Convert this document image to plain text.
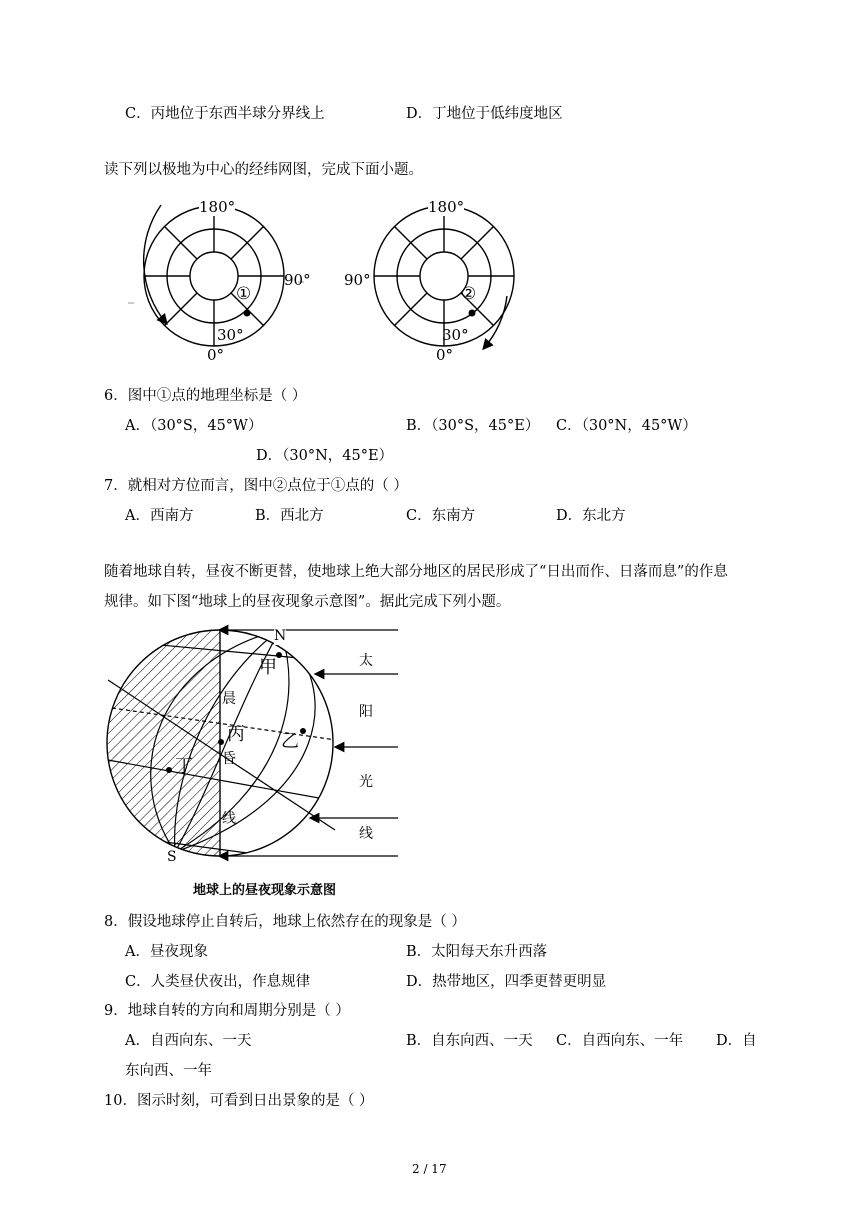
C．丙地位于东西半球分界线上	D．丁地位于低纬度地区
读下列以极地为中心的经纬网图，完成下面小题。
180°
90°
30°
0°
①
180°
90°
30°
0°
②
6．图中①点的地理坐标是（ ）
A．（30°S，45°W）	B．（30°S，45°E） C．（30°N，45°W）
D．（30°N，45°E）
7．就相对方位而言，图中②点位于①点的（ ）
A．西南方	B．西北方	C．东南方	D．东北方
随着地球自转，昼夜不断更替，使地球上绝大部分地区的居民形成了“日出而作、日落而息”的作息
规律。如下图“地球上的昼夜现象示意图”。据此完成下列小题。
N
S
甲
乙
丙
丁
晨
昏
线
太
阳
光
线
地球上的昼夜现象示意图
8．假设地球停止自转后，地球上依然存在的现象是（ ）
A．昼夜现象	B．太阳每天东升西落
C．人类昼伏夜出，作息规律	D．热带地区，四季更替更明显
9．地球自转的方向和周期分别是（ ）
A．自西向东、一天	B．自东向西、一天 C．自西向东、一年 D．自
东向西、一年
10．图示时刻，可看到日出景象的是（ ）
2 / 17
